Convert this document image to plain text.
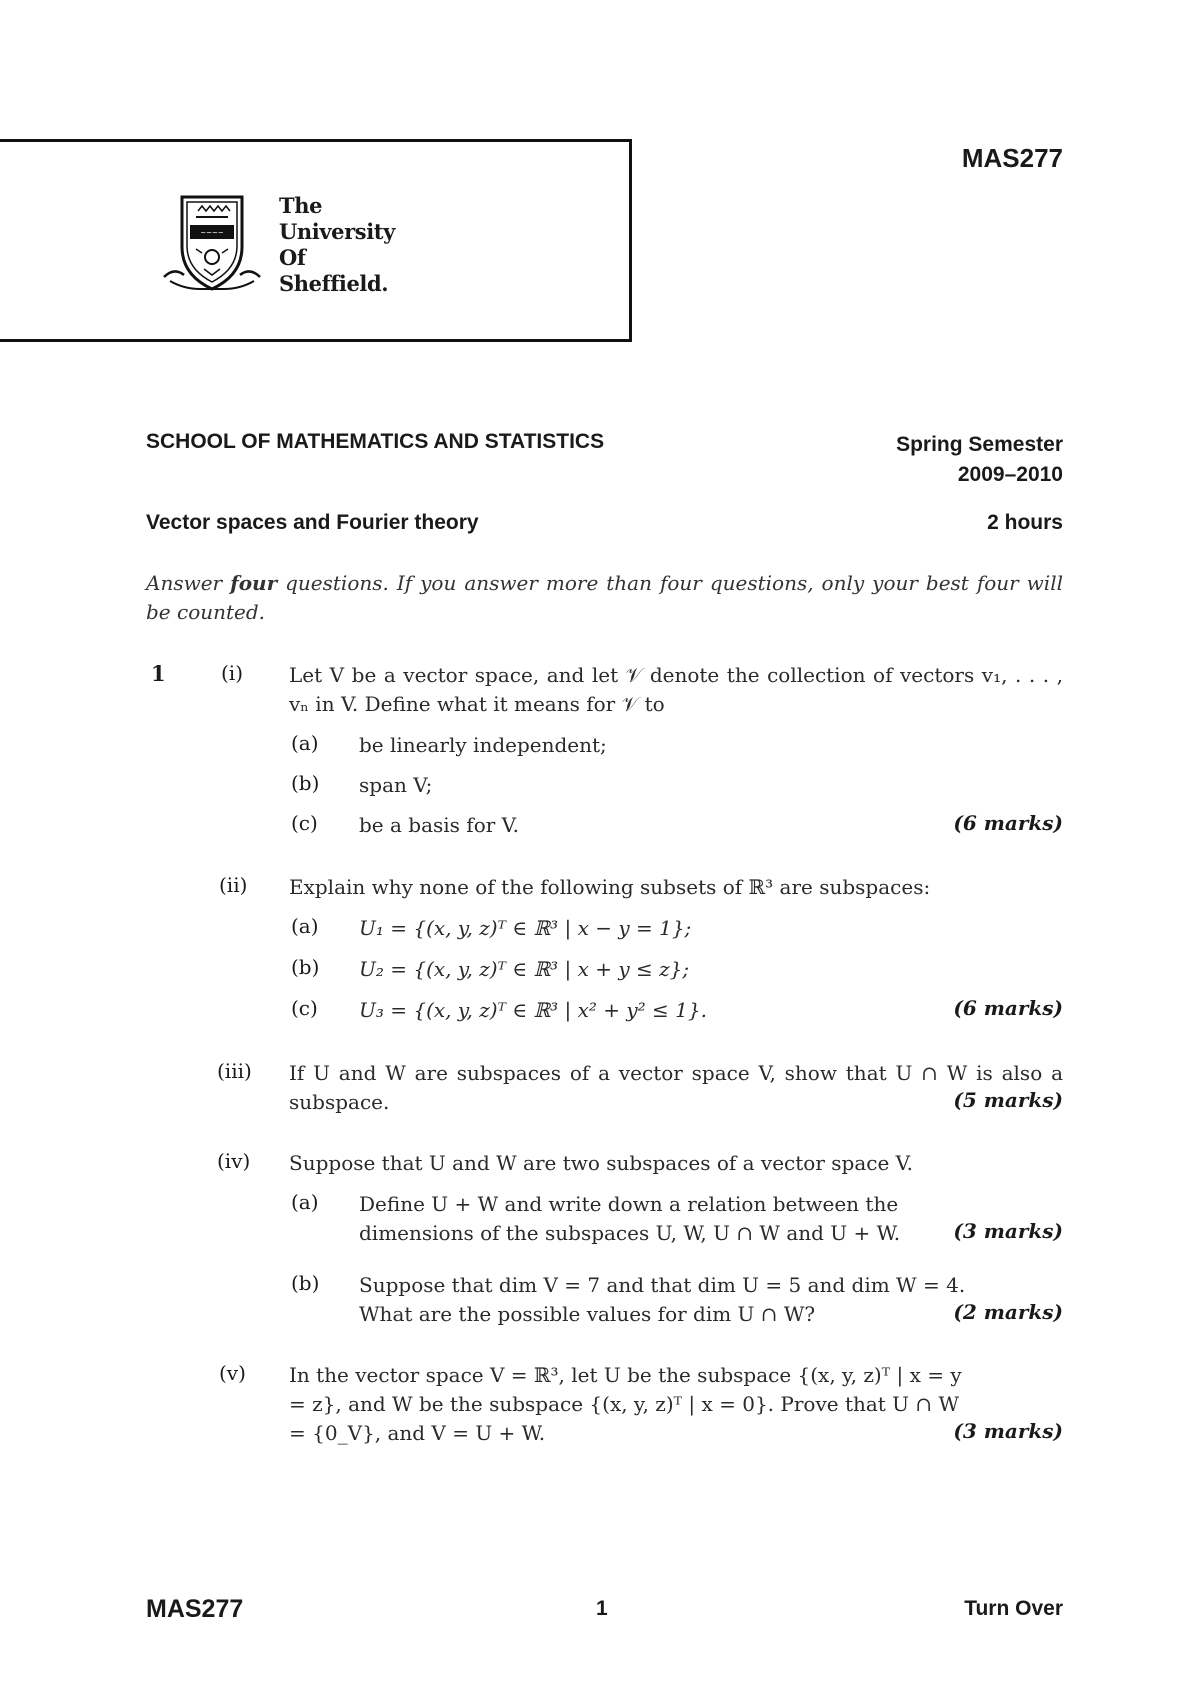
~~~~
The
University
Of
Sheffield.
MAS277
SCHOOL OF MATHEMATICS AND STATISTICS	Spring Semester
2009–2010
Vector spaces and Fourier theory	2 hours
Answer four questions. If you answer more than four questions, only your best four will be counted.
1	(i) Let V be a vector space, and let 𝒱 denote the collection of vectors v₁, . . . , vₙ in V. Define what it means for 𝒱 to
(a) be linearly independent;
(b) span V;
(c) be a basis for V.	(6 marks)
(ii) Explain why none of the following subsets of ℝ³ are subspaces:
(a) U₁ = {(x, y, z)ᵀ ∈ ℝ³ | x − y = 1};
(b) U₂ = {(x, y, z)ᵀ ∈ ℝ³ | x + y ≤ z};
(c) U₃ = {(x, y, z)ᵀ ∈ ℝ³ | x² + y² ≤ 1}.	(6 marks)
(iii) If U and W are subspaces of a vector space V, show that U ∩ W is also a subspace.	(5 marks)
(iv) Suppose that U and W are two subspaces of a vector space V.
(a) Define U + W and write down a relation between the dimensions of the subspaces U, W, U ∩ W and U + W.	(3 marks)
(b) Suppose that dim V = 7 and that dim U = 5 and dim W = 4. What are the possible values for dim U ∩ W?	(2 marks)
(v) In the vector space V = ℝ³, let U be the subspace {(x, y, z)ᵀ | x = y = z}, and W be the subspace {(x, y, z)ᵀ | x = 0}. Prove that U ∩ W = {0_V}, and V = U + W.	(3 marks)
MAS277	1	Turn Over
